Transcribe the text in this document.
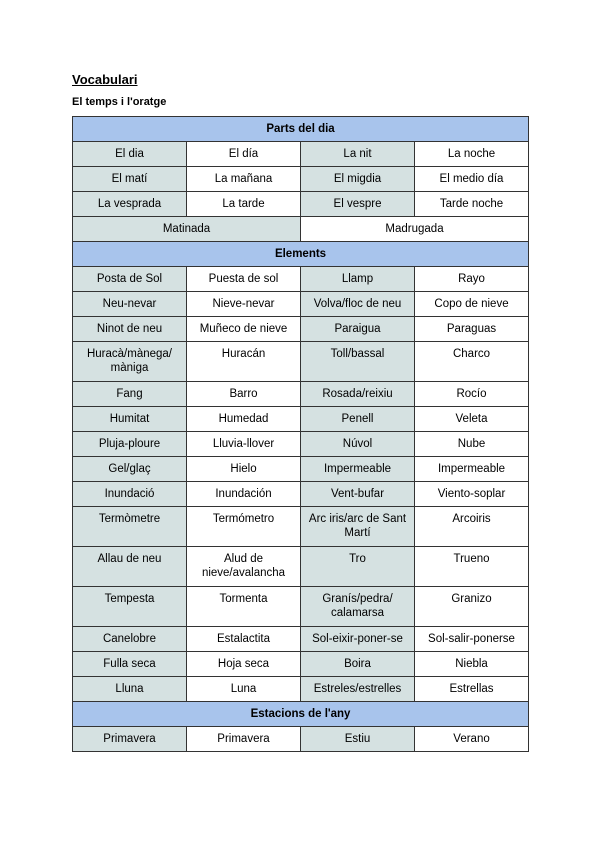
Vocabulari
El temps i l'oratge
Parts del dia			
El dia	El día	La nit	La noche
El matí	La mañana	El migdia	El medio día
La vesprada	La tarde	El vespre	Tarde noche
Matinada		Madrugada	
Elements			
Posta de Sol	Puesta de sol	Llamp	Rayo
Neu-nevar	Nieve-nevar	Volva/floc de neu	Copo de nieve
Ninot de neu	Muñeco de nieve	Paraigua	Paraguas
Huracà/mànega/ màniga	Huracán	Toll/bassal	Charco
Fang	Barro	Rosada/reixiu	Rocío
Humitat	Humedad	Penell	Veleta
Pluja-ploure	Lluvia-llover	Núvol	Nube
Gel/glaç	Hielo	Impermeable	Impermeable
Inundació	Inundación	Vent-bufar	Viento-soplar
Termòmetre	Termómetro	Arc iris/arc de Sant Martí	Arcoiris
Allau de neu	Alud de nieve/avalancha	Tro	Trueno
Tempesta	Tormenta	Granís/pedra/ calamarsa	Granizo
Canelobre	Estalactita	Sol-eixir-poner-se	Sol-salir-ponerse
Fulla seca	Hoja seca	Boira	Niebla
Lluna	Luna	Estreles/estrelles	Estrellas
Estacions de l'any			
Primavera	Primavera	Estiu	Verano
